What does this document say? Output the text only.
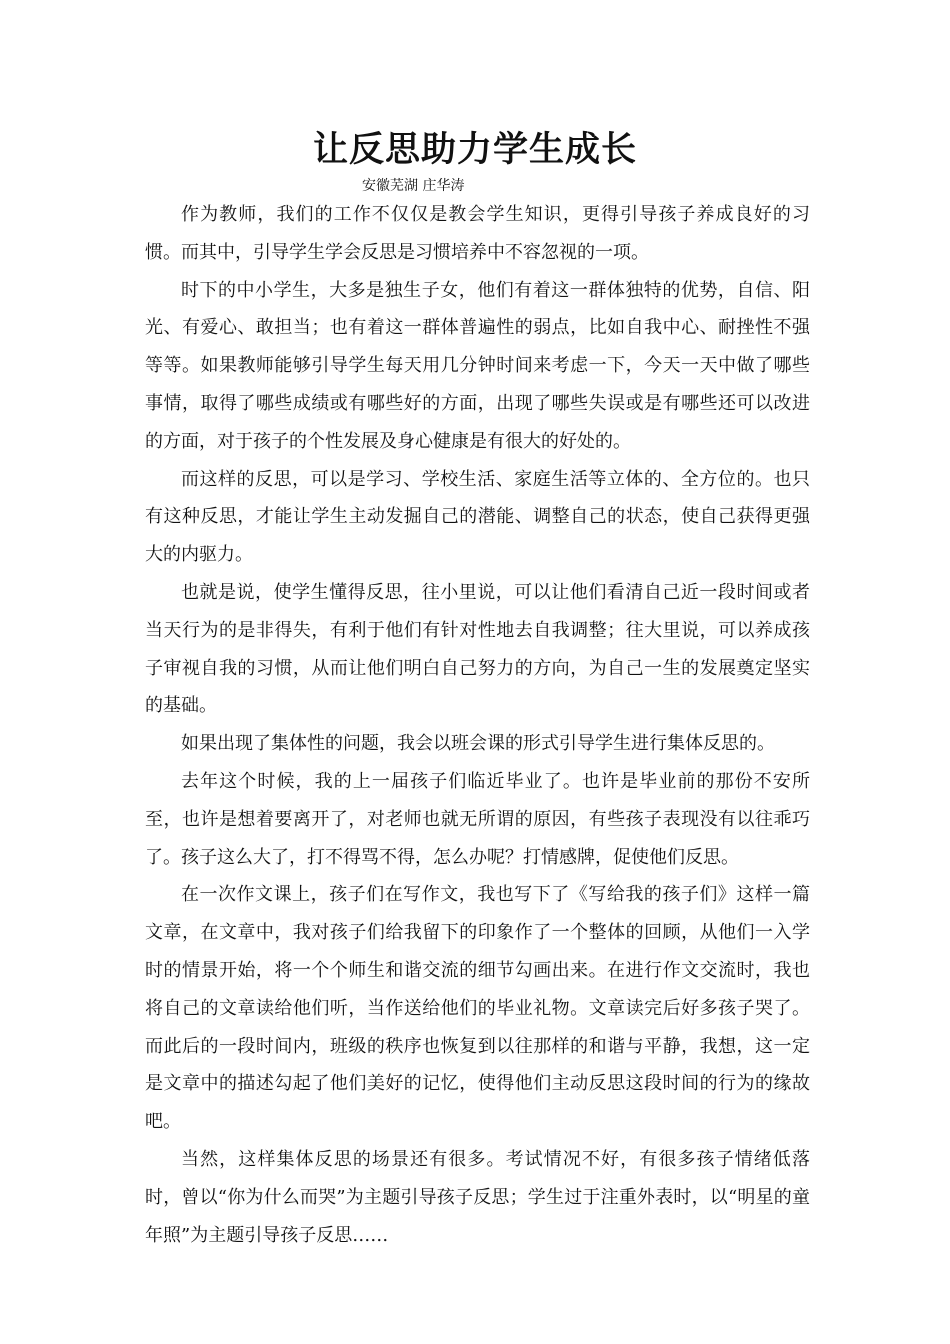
让反思助力学生成长

安徽芜湖 庄华涛

作为教师，我们的工作不仅仅是教会学生知识，更得引导孩子养成良好的习惯。而其中，引导学生学会反思是习惯培养中不容忽视的一项。

时下的中小学生，大多是独生子女，他们有着这一群体独特的优势，自信、阳光、有爱心、敢担当；也有着这一群体普遍性的弱点，比如自我中心、耐挫性不强等等。如果教师能够引导学生每天用几分钟时间来考虑一下，今天一天中做了哪些事情，取得了哪些成绩或有哪些好的方面，出现了哪些失误或是有哪些还可以改进的方面，对于孩子的个性发展及身心健康是有很大的好处的。

而这样的反思，可以是学习、学校生活、家庭生活等立体的、全方位的。也只有这种反思，才能让学生主动发掘自己的潜能、调整自己的状态，使自己获得更强大的内驱力。

也就是说，使学生懂得反思，往小里说，可以让他们看清自己近一段时间或者当天行为的是非得失，有利于他们有针对性地去自我调整；往大里说，可以养成孩子审视自我的习惯，从而让他们明白自己努力的方向，为自己一生的发展奠定坚实的基础。

如果出现了集体性的问题，我会以班会课的形式引导学生进行集体反思的。

去年这个时候，我的上一届孩子们临近毕业了。也许是毕业前的那份不安所至，也许是想着要离开了，对老师也就无所谓的原因，有些孩子表现没有以往乖巧了。孩子这么大了，打不得骂不得，怎么办呢？打情感牌，促使他们反思。

在一次作文课上，孩子们在写作文，我也写下了《写给我的孩子们》这样一篇文章，在文章中，我对孩子们给我留下的印象作了一个整体的回顾，从他们一入学时的情景开始，将一个个师生和谐交流的细节勾画出来。在进行作文交流时，我也将自己的文章读给他们听，当作送给他们的毕业礼物。文章读完后好多孩子哭了。而此后的一段时间内，班级的秩序也恢复到以往那样的和谐与平静，我想，这一定是文章中的描述勾起了他们美好的记忆，使得他们主动反思这段时间的行为的缘故吧。

当然，这样集体反思的场景还有很多。考试情况不好，有很多孩子情绪低落时，曾以“你为什么而哭”为主题引导孩子反思；学生过于注重外表时，以“明星的童年照”为主题引导孩子反思……
